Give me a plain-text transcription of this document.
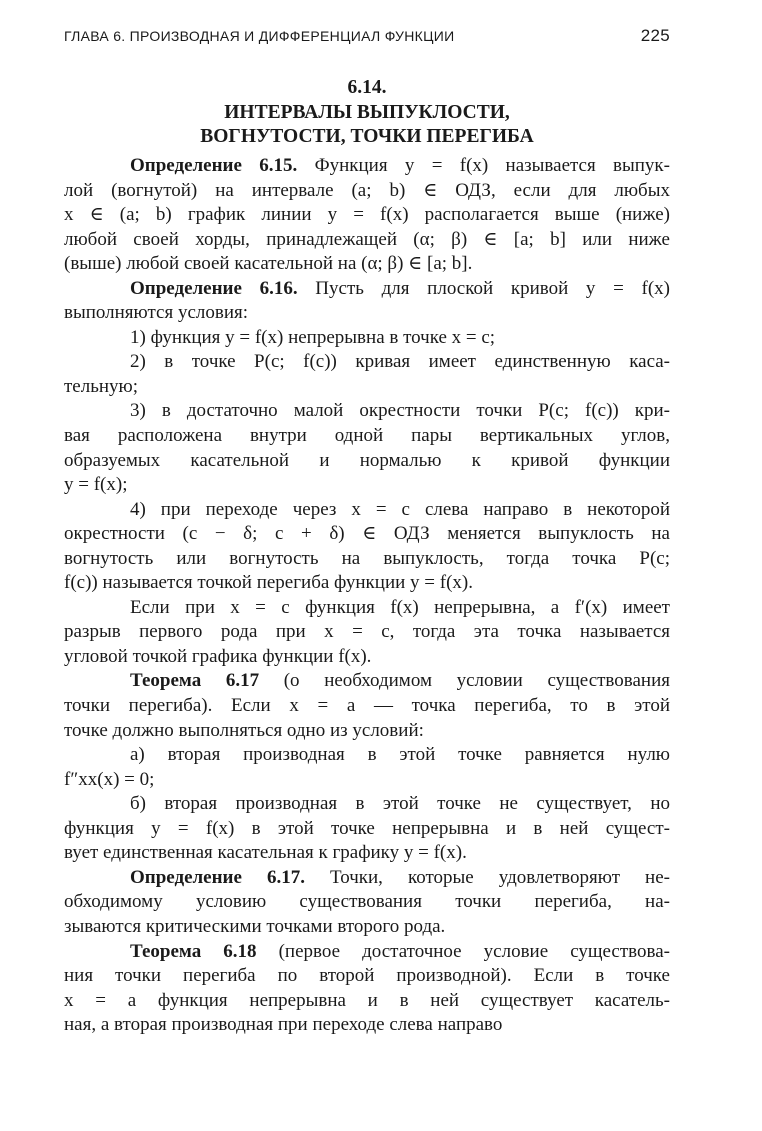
ГЛАВА 6. ПРОИЗВОДНАЯ И ДИФФЕРЕНЦИАЛ ФУНКЦИИ	225
6.14.
ИНТЕРВАЛЫ ВЫПУКЛОСТИ,
ВОГНУТОСТИ, ТОЧКИ ПЕРЕГИБА

Определение 6.15. Функция y = f(x) называется выпук-
лой (вогнутой) на интервале (a; b) ∈ ОДЗ, если для любых
x ∈ (a; b) график линии y = f(x) располагается выше (ниже)
любой своей хорды, принадлежащей (α; β) ∈ [a; b] или ниже
(выше) любой своей касательной на (α; β) ∈ [a; b].

Определение 6.16. Пусть для плоской кривой y = f(x)
выполняются условия:

1) функция y = f(x) непрерывна в точке x = c;

2) в точке P(c; f(c)) кривая имеет единственную каса-
тельную;

3) в достаточно малой окрестности точки P(c; f(c)) кри-
вая расположена внутри одной пары вертикальных углов,
образуемых касательной и нормалью к кривой функции
y = f(x);

4) при переходе через x = c слева направо в некоторой
окрестности (c − δ; c + δ) ∈ ОДЗ меняется выпуклость на
вогнутость или вогнутость на выпуклость, тогда точка P(c;
f(c)) называется точкой перегиба функции y = f(x).

Если при x = c функция f(x) непрерывна, а f′(x) имеет
разрыв первого рода при x = c, тогда эта точка называется
угловой точкой графика функции f(x).

Теорема 6.17 (о необходимом условии существования
точки перегиба). Если x = a — точка перегиба, то в этой
точке должно выполняться одно из условий:

а) вторая производная в этой точке равняется нулю
f″xx(x) = 0;

б) вторая производная в этой точке не существует, но
функция y = f(x) в этой точке непрерывна и в ней сущест-
вует единственная касательная к графику y = f(x).

Определение 6.17. Точки, которые удовлетворяют не-
обходимому условию существования точки перегиба, на-
зываются критическими точками второго рода.

Теорема 6.18 (первое достаточное условие существова-
ния точки перегиба по второй производной). Если в точке
x = a функция непрерывна и в ней существует касатель-
ная, а вторая производная при переходе слева направо
